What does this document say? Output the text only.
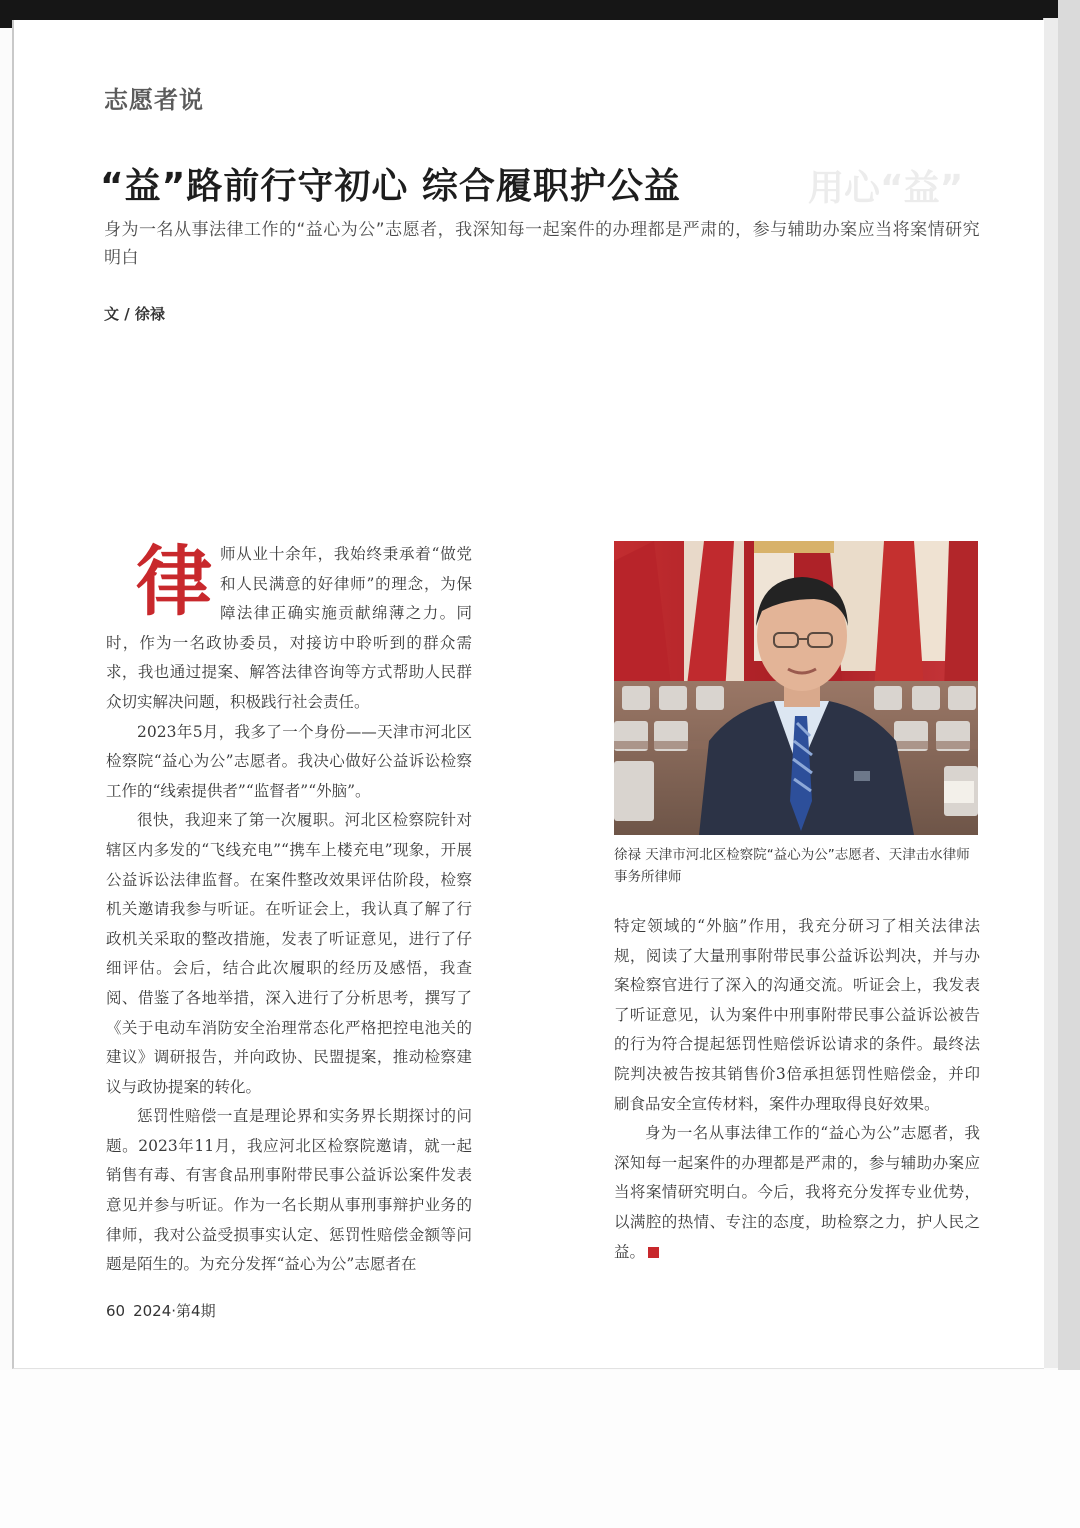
志愿者说
“益”路前行守初心 综合履职护公益	用心“益”
身为一名从事法律工作的“益心为公”志愿者，我深知每一起案件的办理都是严肃的，参与辅助办案应当将案情研究明白
文 / 徐禄

律师从业十余年，我始终秉承着“做党和人民满意的好律师”的理念，为保障法律正确实施贡献绵薄之力。同时，作为一名政协委员，对接访中聆听到的群众需求，我也通过提案、解答法律咨询等方式帮助人民群众切实解决问题，积极践行社会责任。

2023年5月，我多了一个身份——天津市河北区检察院“益心为公”志愿者。我决心做好公益诉讼检察工作的“线索提供者”“监督者”“外脑”。

很快，我迎来了第一次履职。河北区检察院针对辖区内多发的“飞线充电”“携车上楼充电”现象，开展公益诉讼法律监督。在案件整改效果评估阶段，检察机关邀请我参与听证。在听证会上，我认真了解了行政机关采取的整改措施，发表了听证意见，进行了仔细评估。会后，结合此次履职的经历及感悟，我查阅、借鉴了各地举措，深入进行了分析思考，撰写了《关于电动车消防安全治理常态化严格把控电池关的建议》调研报告，并向政协、民盟提案，推动检察建议与政协提案的转化。

惩罚性赔偿一直是理论界和实务界长期探讨的问题。2023年11月，我应河北区检察院邀请，就一起销售有毒、有害食品刑事附带民事公益诉讼案件发表意见并参与听证。作为一名长期从事刑事辩护业务的律师，我对公益受损事实认定、惩罚性赔偿金额等问题是陌生的。为充分发挥“益心为公”志愿者在

徐禄 天津市河北区检察院“益心为公”志愿者、天津击水律师事务所律师

特定领域的“外脑”作用，我充分研习了相关法律法规，阅读了大量刑事附带民事公益诉讼判决，并与办案检察官进行了深入的沟通交流。听证会上，我发表了听证意见，认为案件中刑事附带民事公益诉讼被告的行为符合提起惩罚性赔偿诉讼请求的条件。最终法院判决被告按其销售价3倍承担惩罚性赔偿金，并印刷食品安全宣传材料，案件办理取得良好效果。

身为一名从事法律工作的“益心为公”志愿者，我深知每一起案件的办理都是严肃的，参与辅助办案应当将案情研究明白。今后，我将充分发挥专业优势，以满腔的热情、专注的态度，助检察之力，护人民之益。

60 2024·第4期
